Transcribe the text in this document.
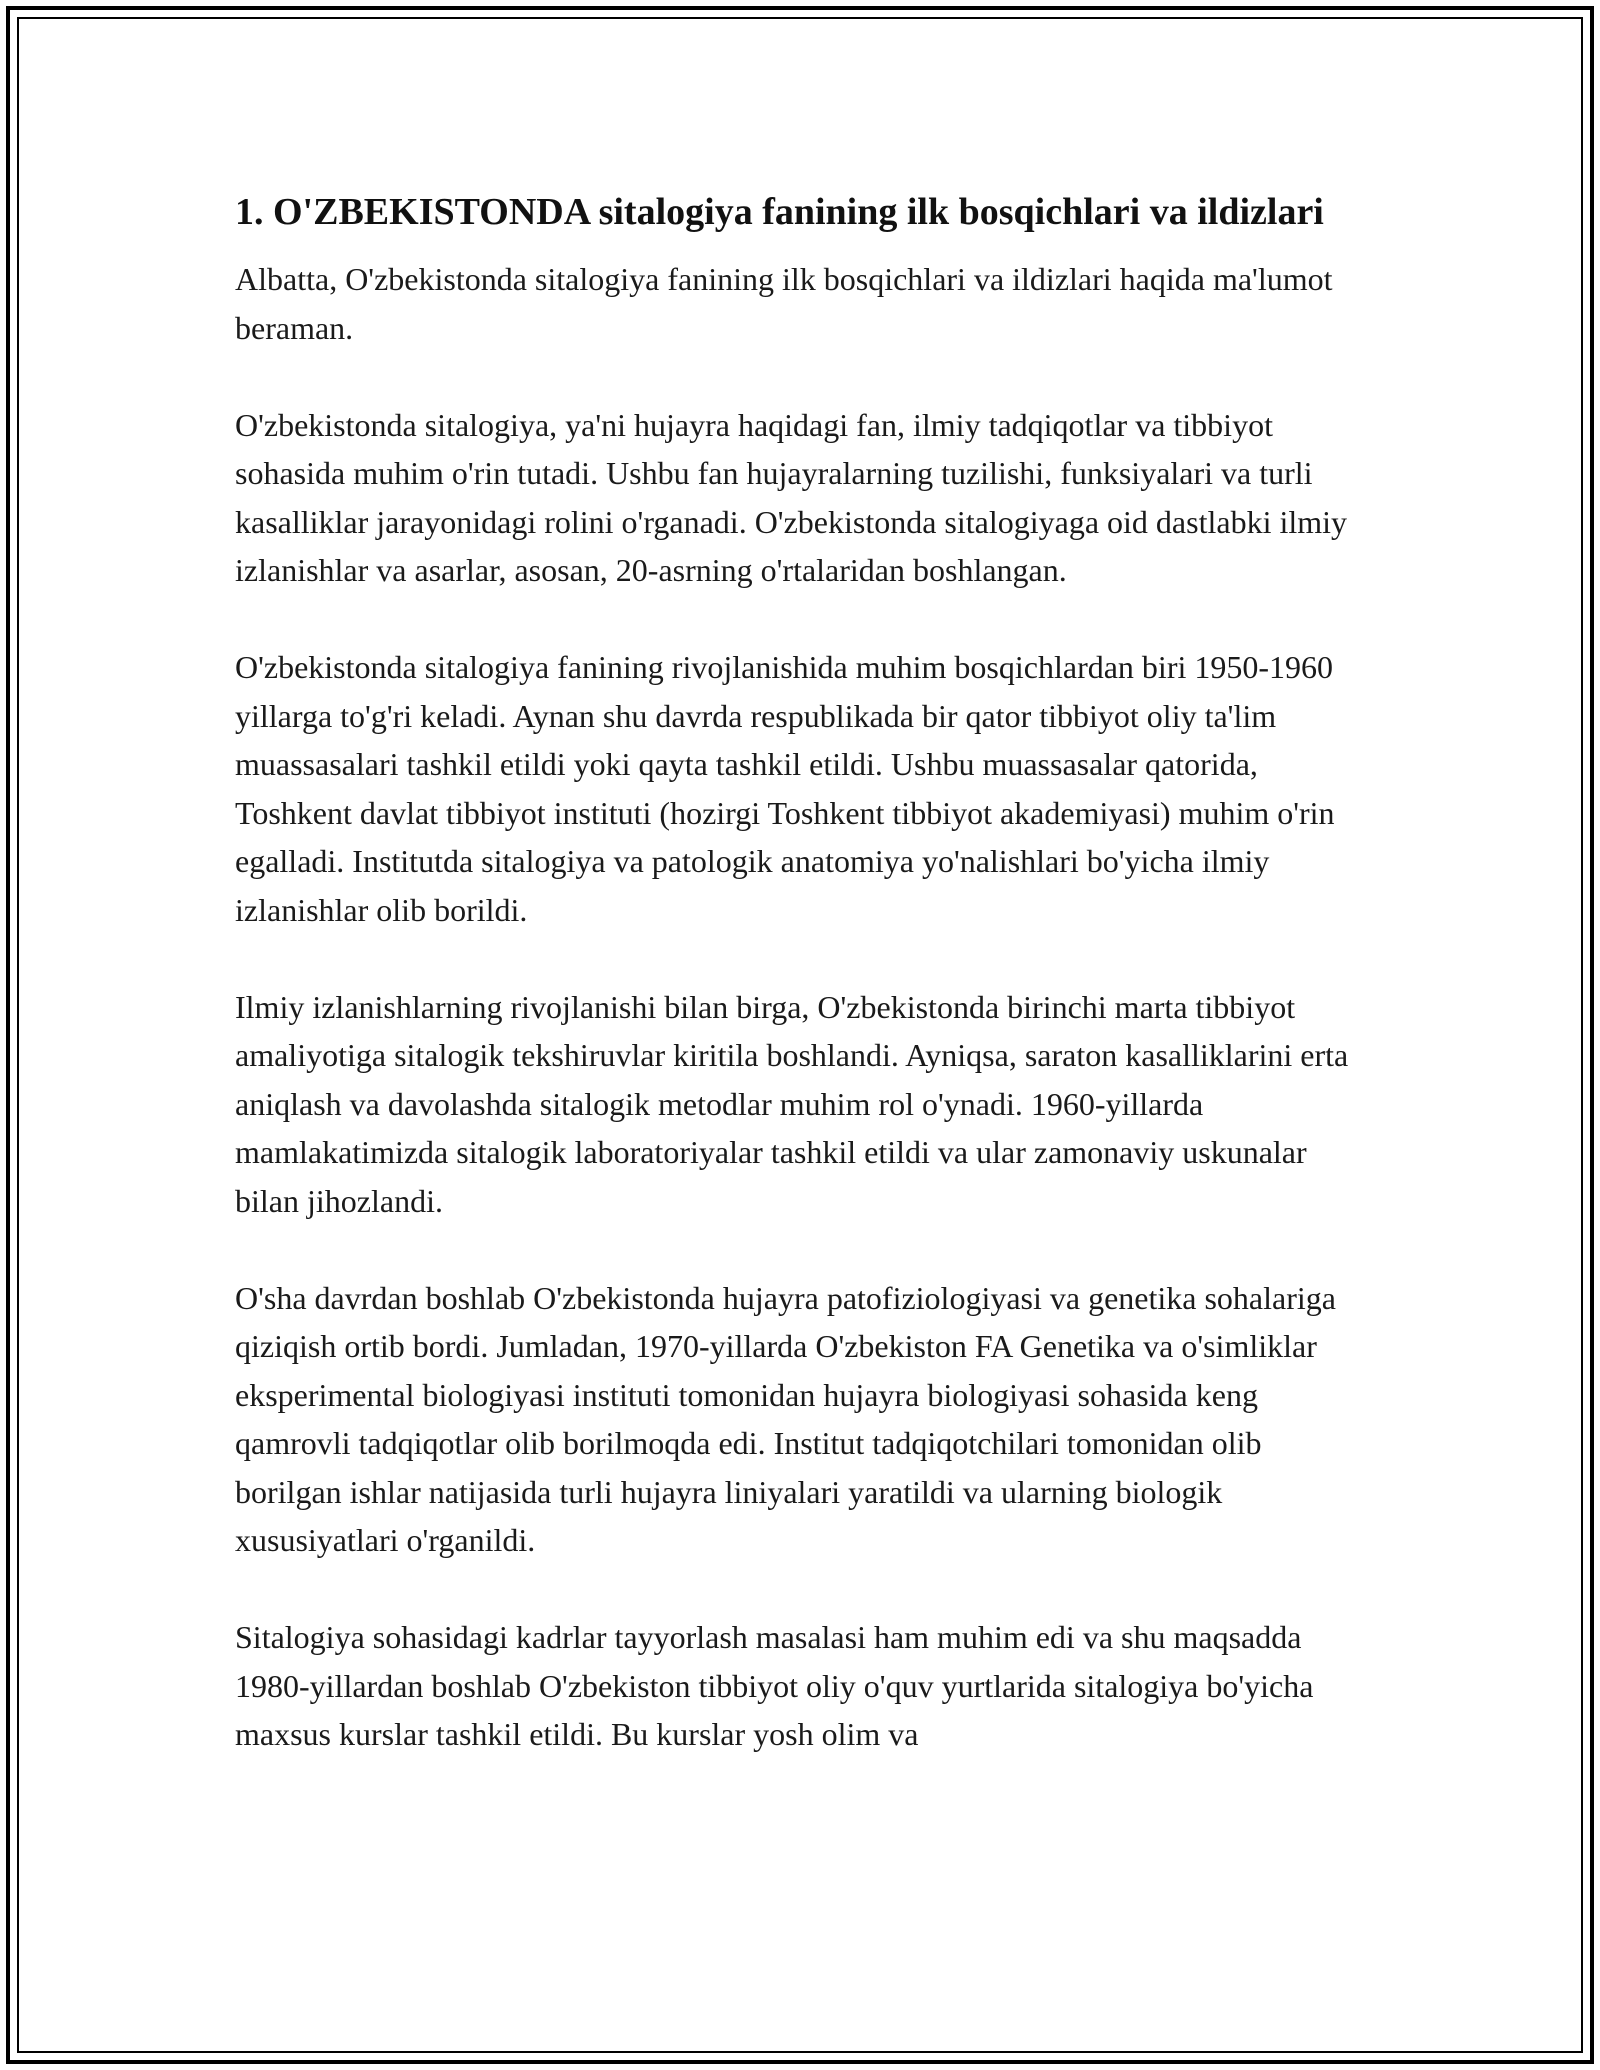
1. O'ZBEKISTONDA sitalogiya fanining ilk bosqichlari va ildizlari

Albatta, O'zbekistonda sitalogiya fanining ilk bosqichlari va ildizlari haqida ma'lumot beraman.

O'zbekistonda sitalogiya, ya'ni hujayra haqidagi fan, ilmiy tadqiqotlar va tibbiyot sohasida muhim o'rin tutadi. Ushbu fan hujayralarning tuzilishi, funksiyalari va turli kasalliklar jarayonidagi rolini o'rganadi. O'zbekistonda sitalogiyaga oid dastlabki ilmiy izlanishlar va asarlar, asosan, 20-asrning o'rtalaridan boshlangan.

O'zbekistonda sitalogiya fanining rivojlanishida muhim bosqichlardan biri 1950-1960 yillarga to'g'ri keladi. Aynan shu davrda respublikada bir qator tibbiyot oliy ta'lim muassasalari tashkil etildi yoki qayta tashkil etildi. Ushbu muassasalar qatorida, Toshkent davlat tibbiyot instituti (hozirgi Toshkent tibbiyot akademiyasi) muhim o'rin egalladi. Institutda sitalogiya va patologik anatomiya yo'nalishlari bo'yicha ilmiy izlanishlar olib borildi.

Ilmiy izlanishlarning rivojlanishi bilan birga, O'zbekistonda birinchi marta tibbiyot amaliyotiga sitalogik tekshiruvlar kiritila boshlandi. Ayniqsa, saraton kasalliklarini erta aniqlash va davolashda sitalogik metodlar muhim rol o'ynadi. 1960-yillarda mamlakatimizda sitalogik laboratoriyalar tashkil etildi va ular zamonaviy uskunalar bilan jihozlandi.

O'sha davrdan boshlab O'zbekistonda hujayra patofiziologiyasi va genetika sohalariga qiziqish ortib bordi. Jumladan, 1970-yillarda O'zbekiston FA Genetika va o'simliklar eksperimental biologiyasi instituti tomonidan hujayra biologiyasi sohasida keng qamrovli tadqiqotlar olib borilmoqda edi. Institut tadqiqotchilari tomonidan olib borilgan ishlar natijasida turli hujayra liniyalari yaratildi va ularning biologik xususiyatlari o'rganildi.

Sitalogiya sohasidagi kadrlar tayyorlash masalasi ham muhim edi va shu maqsadda 1980-yillardan boshlab O'zbekiston tibbiyot oliy o'quv yurtlarida sitalogiya bo'yicha maxsus kurslar tashkil etildi. Bu kurslar yosh olim va
